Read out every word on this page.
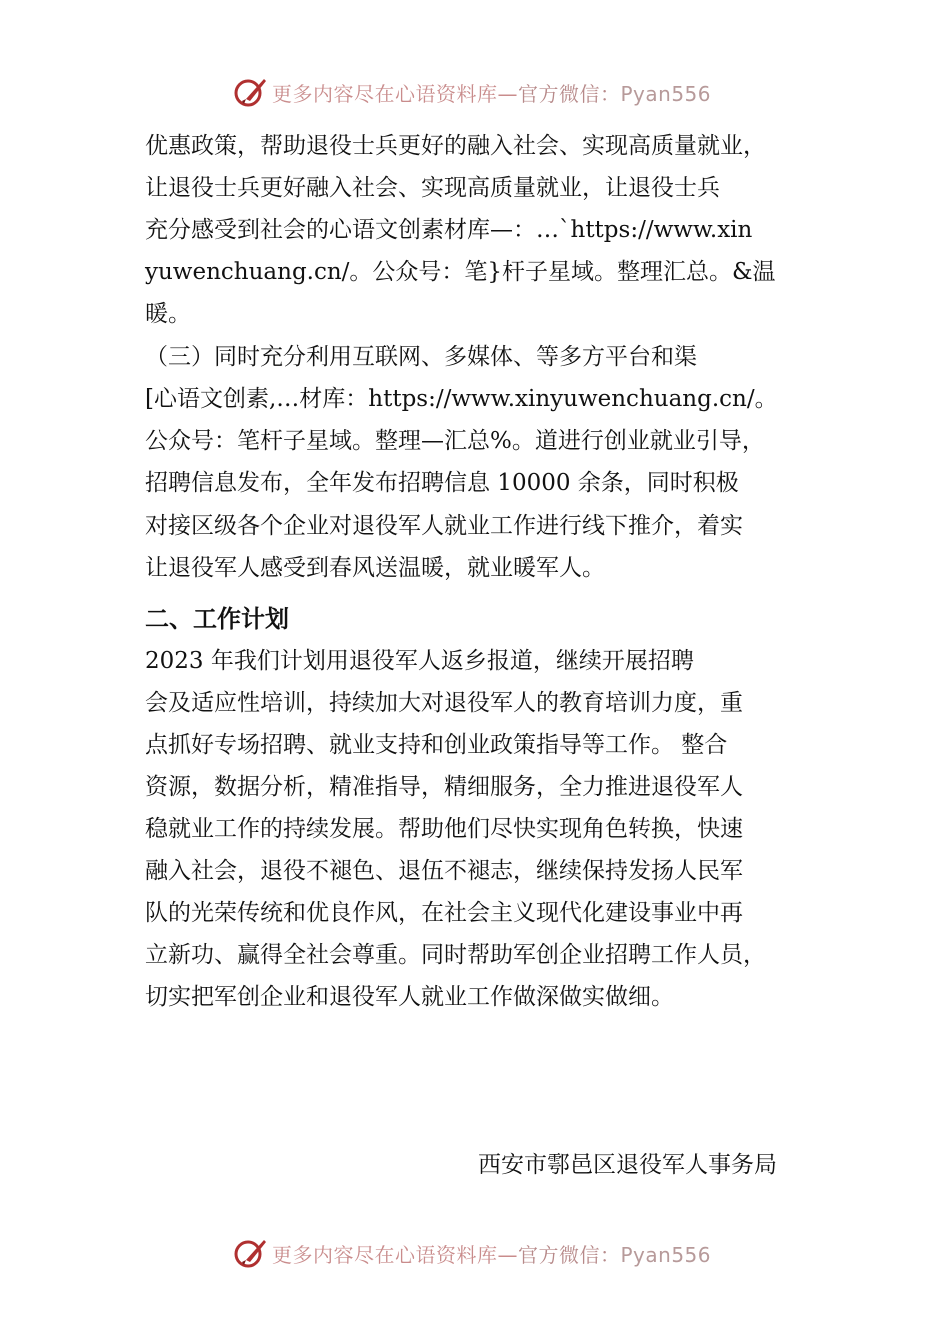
更多内容尽在心语资料库—官方微信：Pyan556
优惠政策，帮助退役士兵更好的融入社会、实现高质量就业，
让退役士兵更好融入社会、实现高质量就业，让退役士兵
充分感受到社会的心语文创素材库—：…`https://www.xin
yuwenchuang.cn/。公众号：笔}杆子星域。整理汇总。&温
暖。
（三）同时充分利用互联网、多媒体、等多方平台和渠
[心语文创素,…材库：https://www.xinyuwenchuang.cn/。
公众号：笔杆子星域。整理—汇总%。道进行创业就业引导，
招聘信息发布，全年发布招聘信息 10000 余条，同时积极
对接区级各个企业对退役军人就业工作进行线下推介，着实
让退役军人感受到春风送温暖，就业暖军人。
二、工作计划
2023 年我们计划用退役军人返乡报道，继续开展招聘
会及适应性培训，持续加大对退役军人的教育培训力度，重
点抓好专场招聘、就业支持和创业政策指导等工作。 整合
资源，数据分析，精准指导，精细服务，全力推进退役军人
稳就业工作的持续发展。帮助他们尽快实现角色转换，快速
融入社会，退役不褪色、退伍不褪志，继续保持发扬人民军
队的光荣传统和优良作风，在社会主义现代化建设事业中再
立新功、赢得全社会尊重。同时帮助军创企业招聘工作人员，
切实把军创企业和退役军人就业工作做深做实做细。
西安市鄠邑区退役军人事务局
更多内容尽在心语资料库—官方微信：Pyan556
